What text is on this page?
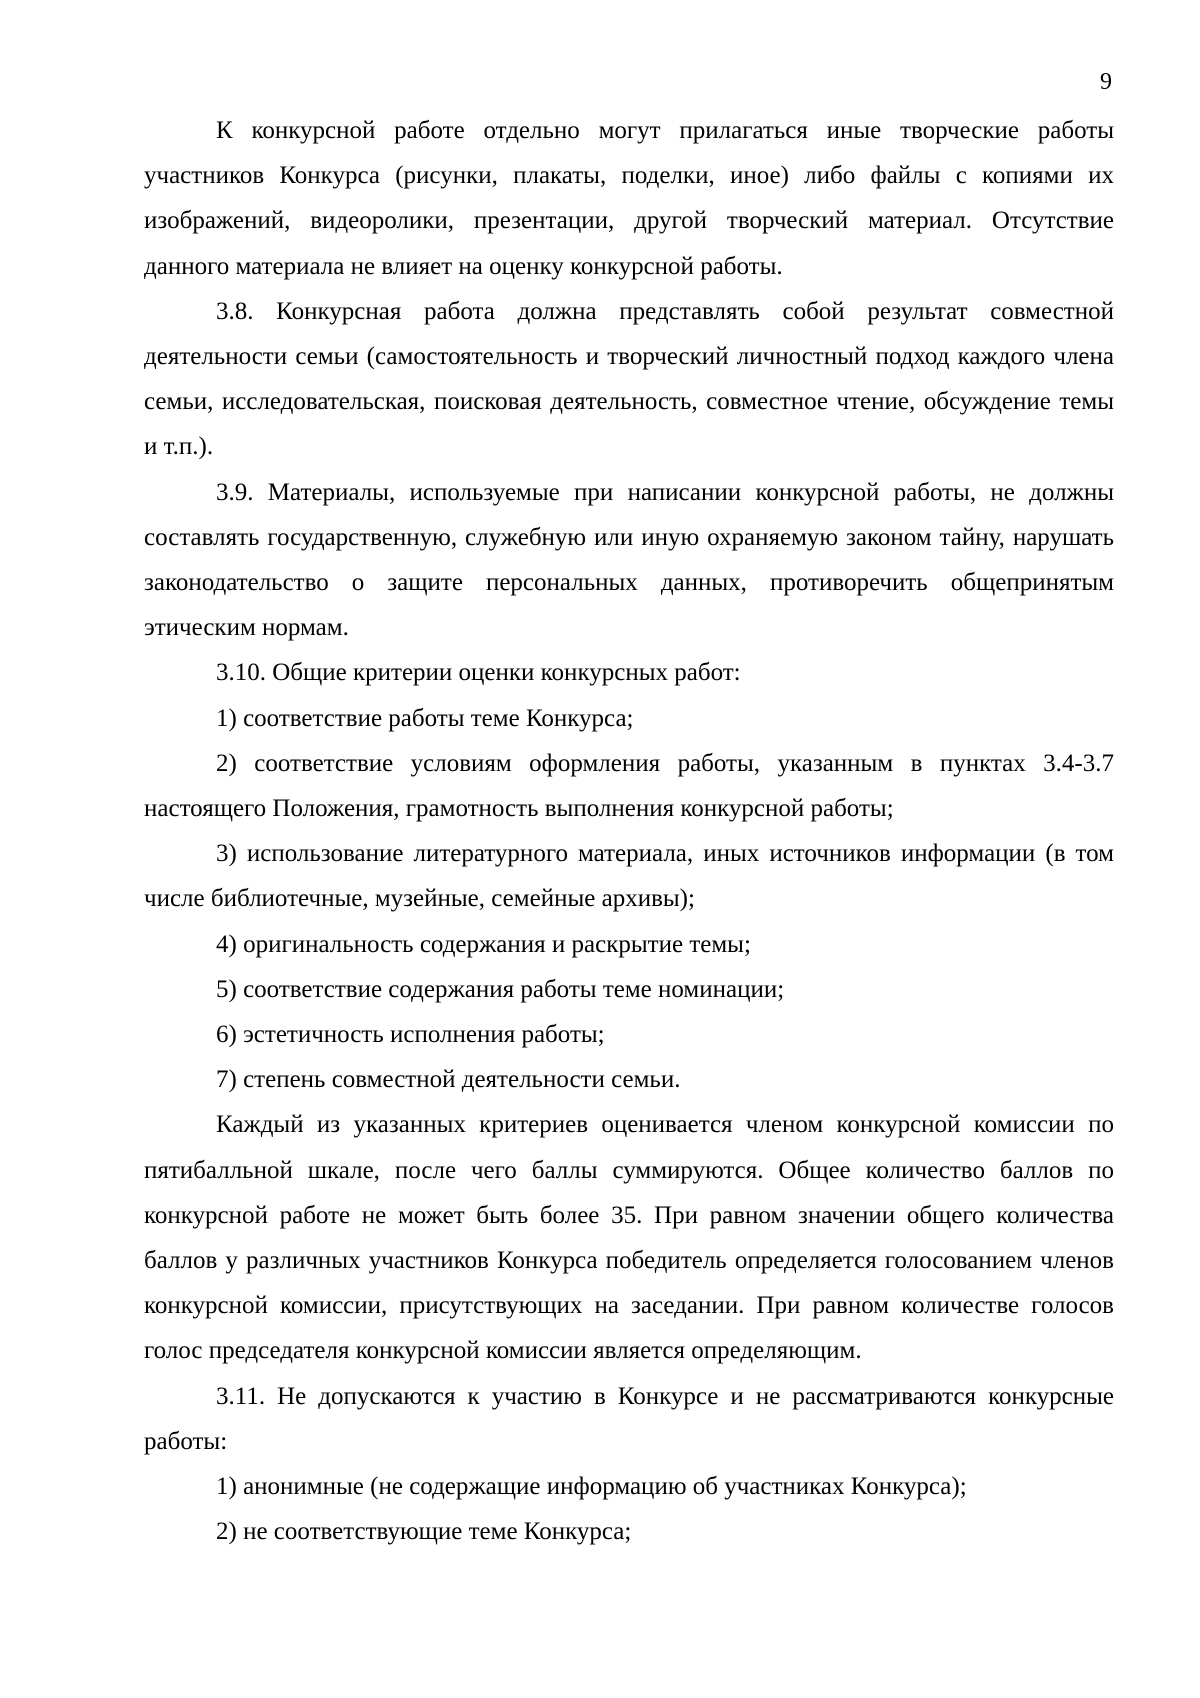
9

К конкурсной работе отдельно могут прилагаться иные творческие работы участников Конкурса (рисунки, плакаты, поделки, иное) либо файлы с копиями их изображений, видеоролики, презентации, другой творческий материал. Отсутствие данного материала не влияет на оценку конкурсной работы.

3.8. Конкурсная работа должна представлять собой результат совместной деятельности семьи (самостоятельность и творческий личностный подход каждого члена семьи, исследовательская, поисковая деятельность, совместное чтение, обсуждение темы и т.п.).

3.9. Материалы, используемые при написании конкурсной работы, не должны составлять государственную, служебную или иную охраняемую законом тайну, нарушать законодательство о защите персональных данных, противоречить общепринятым этическим нормам.

3.10. Общие критерии оценки конкурсных работ:

1) соответствие работы теме Конкурса;

2) соответствие условиям оформления работы, указанным в пунктах 3.4-3.7 настоящего Положения, грамотность выполнения конкурсной работы;

3) использование литературного материала, иных источников информации (в том числе библиотечные, музейные, семейные архивы);

4) оригинальность содержания и раскрытие темы;

5) соответствие содержания работы теме номинации;

6) эстетичность исполнения работы;

7) степень совместной деятельности семьи.

Каждый из указанных критериев оценивается членом конкурсной комиссии по пятибалльной шкале, после чего баллы суммируются. Общее количество баллов по конкурсной работе не может быть более 35. При равном значении общего количества баллов у различных участников Конкурса победитель определяется голосованием членов конкурсной комиссии, присутствующих на заседании. При равном количестве голосов голос председателя конкурсной комиссии является определяющим.

3.11. Не допускаются к участию в Конкурсе и не рассматриваются конкурсные работы:

1) анонимные (не содержащие информацию об участниках Конкурса);

2) не соответствующие теме Конкурса;
